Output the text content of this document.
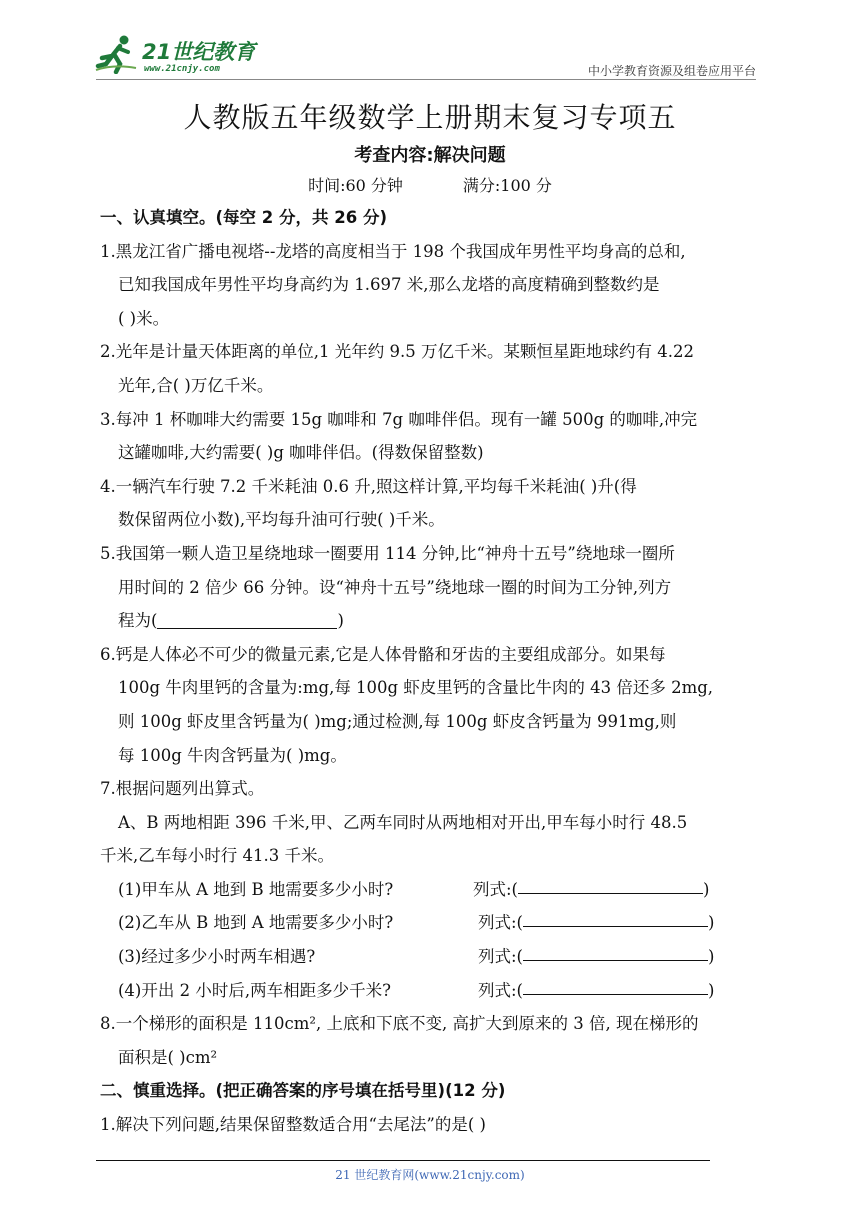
21世纪教育
www.21cnjy.com	中小学教育资源及组卷应用平台
人教版五年级数学上册期末复习专项五
考查内容:解决问题
时间:60 分钟	满分:100 分
一、认真填空。(每空 2 分，共 26 分)
1.黑龙江省广播电视塔--龙塔的高度相当于 198 个我国成年男性平均身高的总和,
已知我国成年男性平均身高约为 1.697 米,那么龙塔的高度精确到整数约是
( )米。
2.光年是计量天体距离的单位,1 光年约 9.5 万亿千米。某颗恒星距地球约有 4.22
光年,合( )万亿千米。
3.每冲 1 杯咖啡大约需要 15g 咖啡和 7g 咖啡伴侣。现有一罐 500g 的咖啡,冲完
这罐咖啡,大约需要( )g 咖啡伴侣。(得数保留整数)
4.一辆汽车行驶 7.2 千米耗油 0.6 升,照这样计算,平均每千米耗油( )升(得
数保留两位小数),平均每升油可行驶( )千米。
5.我国第一颗人造卫星绕地球一圈要用 114 分钟,比“神舟十五号”绕地球一圈所
用时间的 2 倍少 66 分钟。设“神舟十五号”绕地球一圈的时间为工分钟,列方
程为(	)
6.钙是人体必不可少的微量元素,它是人体骨骼和牙齿的主要组成部分。如果每
100g 牛肉里钙的含量为:mg,每 100g 虾皮里钙的含量比牛肉的 43 倍还多 2mg,
则 100g 虾皮里含钙量为( )mg;通过检测,每 100g 虾皮含钙量为 991mg,则
每 100g 牛肉含钙量为( )mg。
7.根据问题列出算式。
A、B 两地相距 396 千米,甲、乙两车同时从两地相对开出,甲车每小时行 48.5
千米,乙车每小时行 41.3 千米。
(1)甲车从 A 地到 B 地需要多少小时?	列式:(	)
(2)乙车从 B 地到 A 地需要多少小时?	列式:(	)
(3)经过多少小时两车相遇?	列式:(	)
(4)开出 2 小时后,两车相距多少千米?	列式:(	)
8.一个梯形的面积是 110cm², 上底和下底不变, 高扩大到原来的 3 倍, 现在梯形的
面积是( )cm²
二、慎重选择。(把正确答案的序号填在括号里)(12 分)
1.解决下列问题,结果保留整数适合用“去尾法”的是( )
21 世纪教育网(www.21cnjy.com)
